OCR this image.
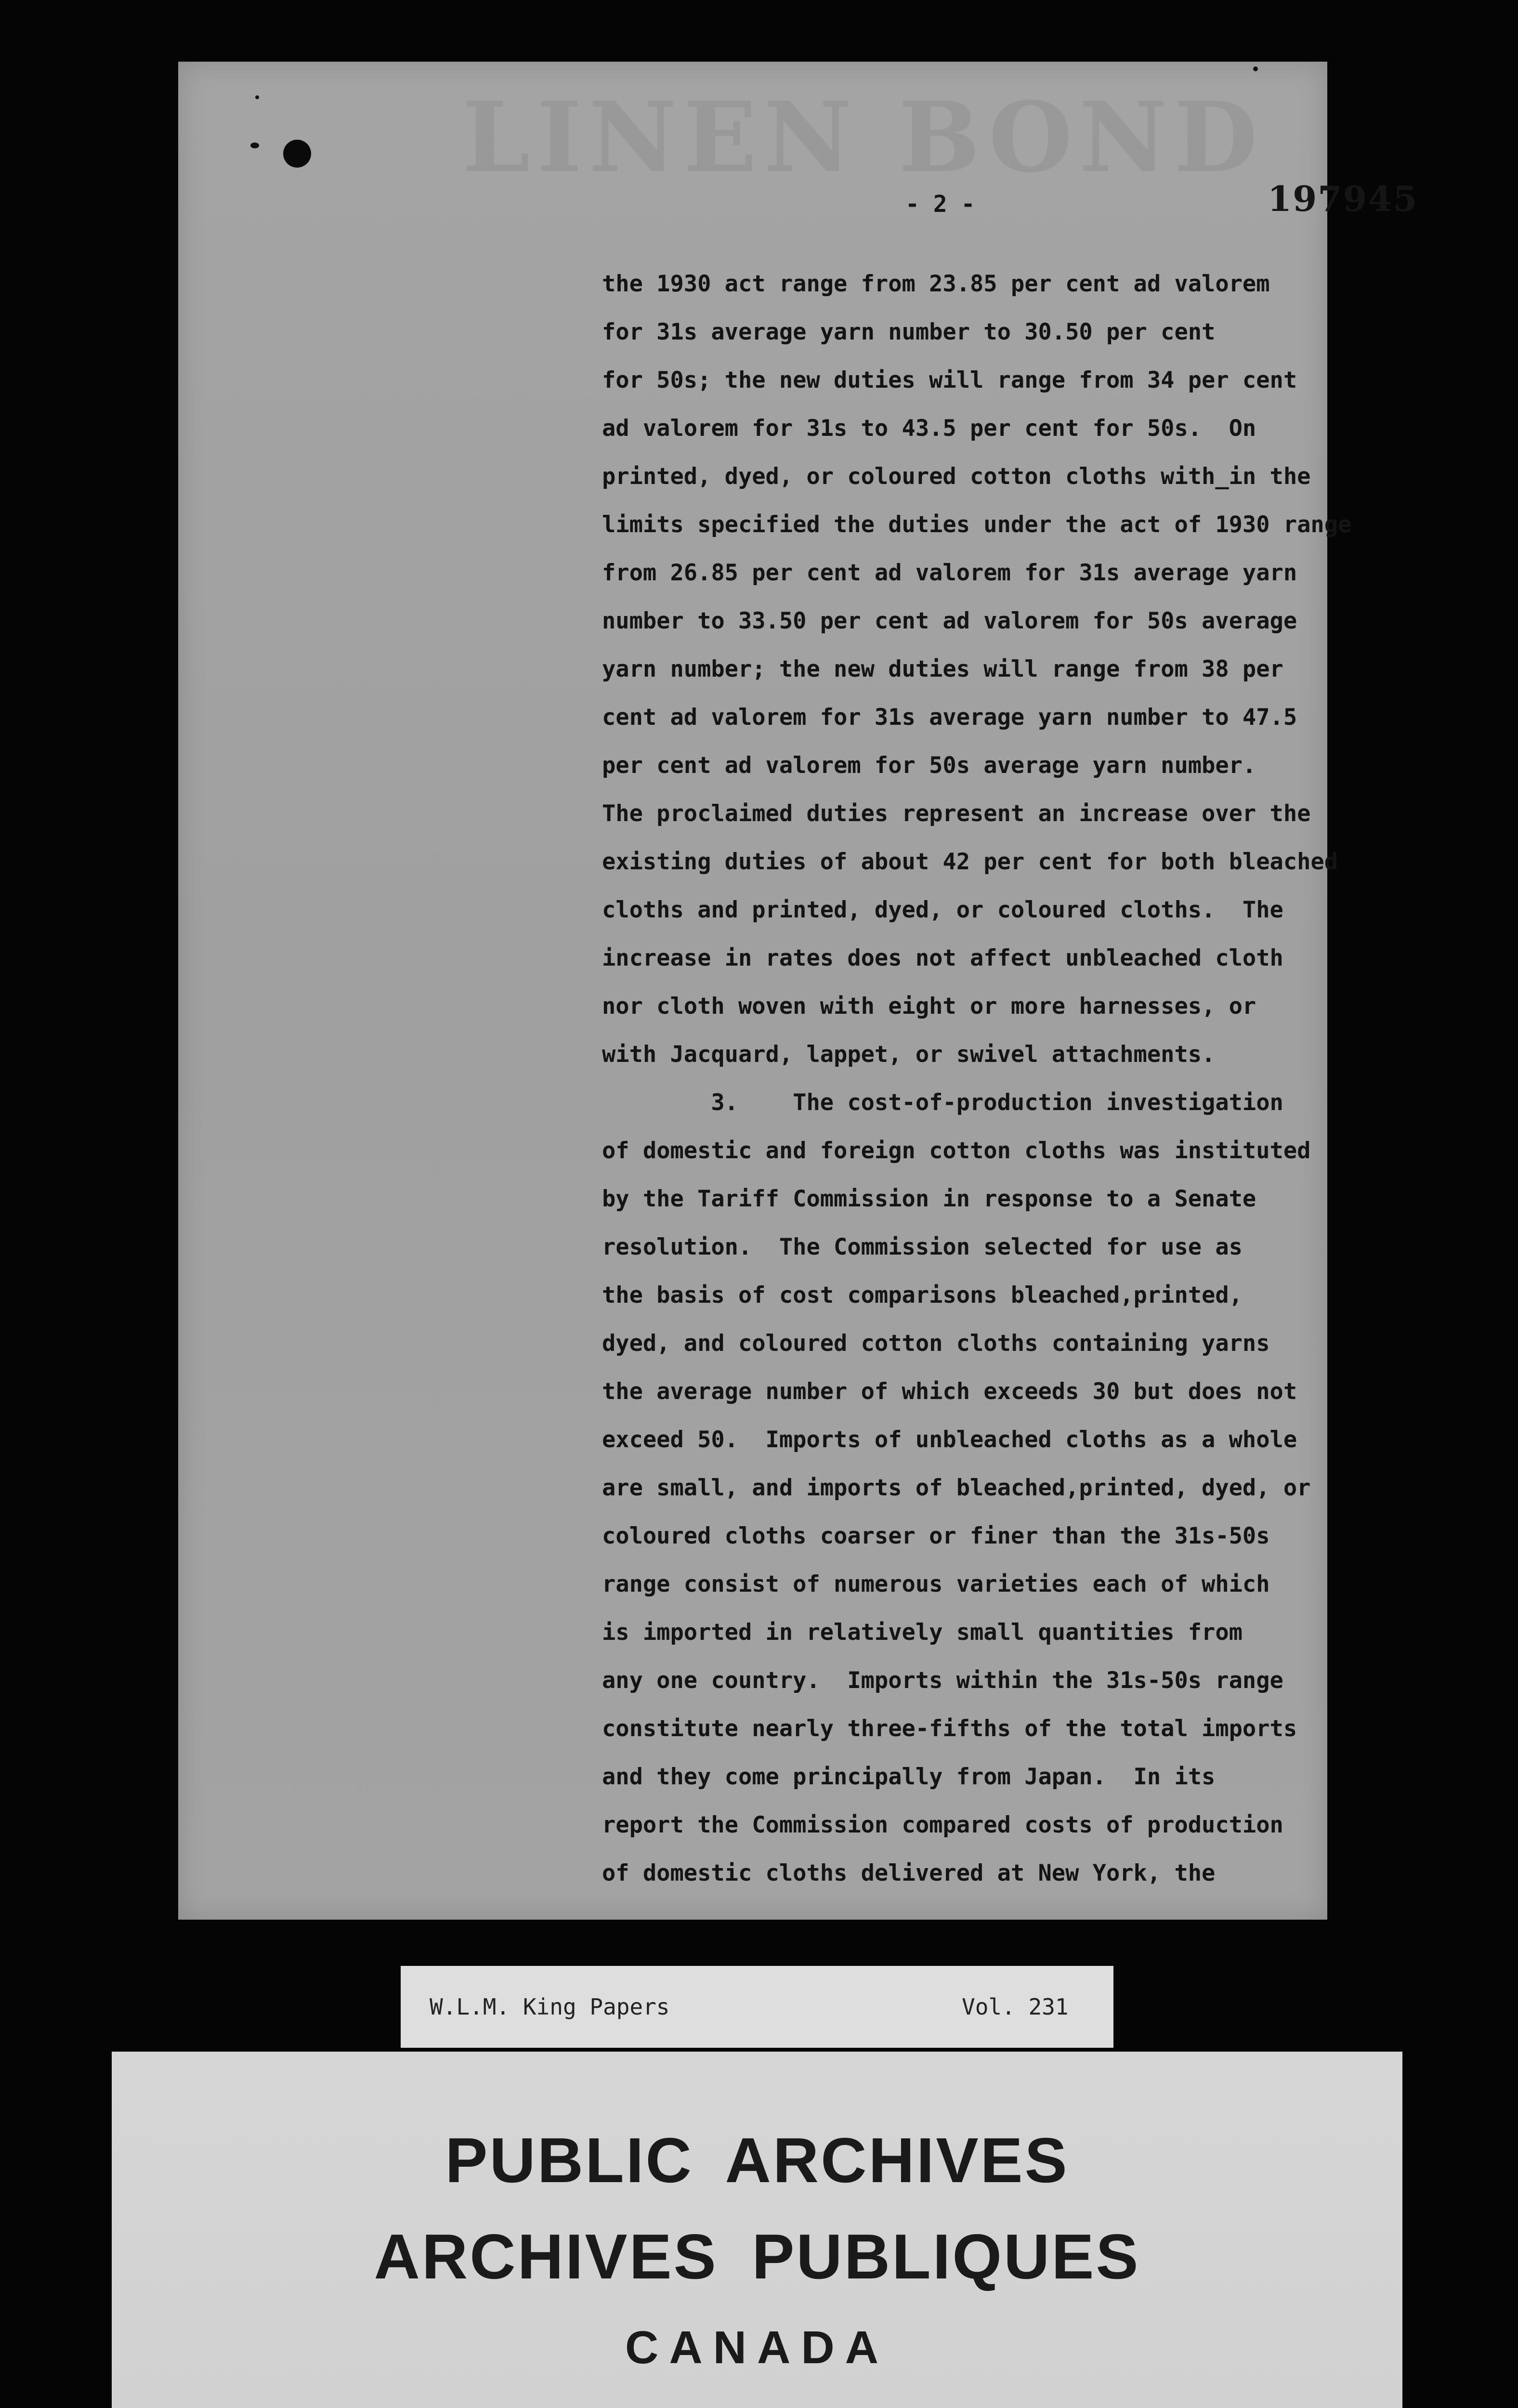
LINEN BOND
- 2 -	197945
the 1930 act range from 23.85 per cent ad valorem
for 31s average yarn number to 30.50 per cent
for 50s; the new duties will range from 34 per cent
ad valorem for 31s to 43.5 per cent for 50s.  On
printed, dyed, or coloured cotton cloths with_in the
limits specified the duties under the act of 1930 range
from 26.85 per cent ad valorem for 31s average yarn
number to 33.50 per cent ad valorem for 50s average
yarn number; the new duties will range from 38 per
cent ad valorem for 31s average yarn number to 47.5
per cent ad valorem for 50s average yarn number.
The proclaimed duties represent an increase over the
existing duties of about 42 per cent for both bleached
cloths and printed, dyed, or coloured cloths.  The
increase in rates does not affect unbleached cloth
nor cloth woven with eight or more harnesses, or
with Jacquard, lappet, or swivel attachments.
3.    The cost-of-production investigation
of domestic and foreign cotton cloths was instituted
by the Tariff Commission in response to a Senate
resolution.  The Commission selected for use as
the basis of cost comparisons bleached,printed,
dyed, and coloured cotton cloths containing yarns
the average number of which exceeds 30 but does not
exceed 50.  Imports of unbleached cloths as a whole
are small, and imports of bleached,printed, dyed, or
coloured cloths coarser or finer than the 31s-50s
range consist of numerous varieties each of which
is imported in relatively small quantities from
any one country.  Imports within the 31s-50s range
constitute nearly three-fifths of the total imports
and they come principally from Japan.  In its
report the Commission compared costs of production
of domestic cloths delivered at New York, the
W.L.M. King Papers	Vol. 231
PUBLIC ARCHIVES
ARCHIVES PUBLIQUES
CANADA
